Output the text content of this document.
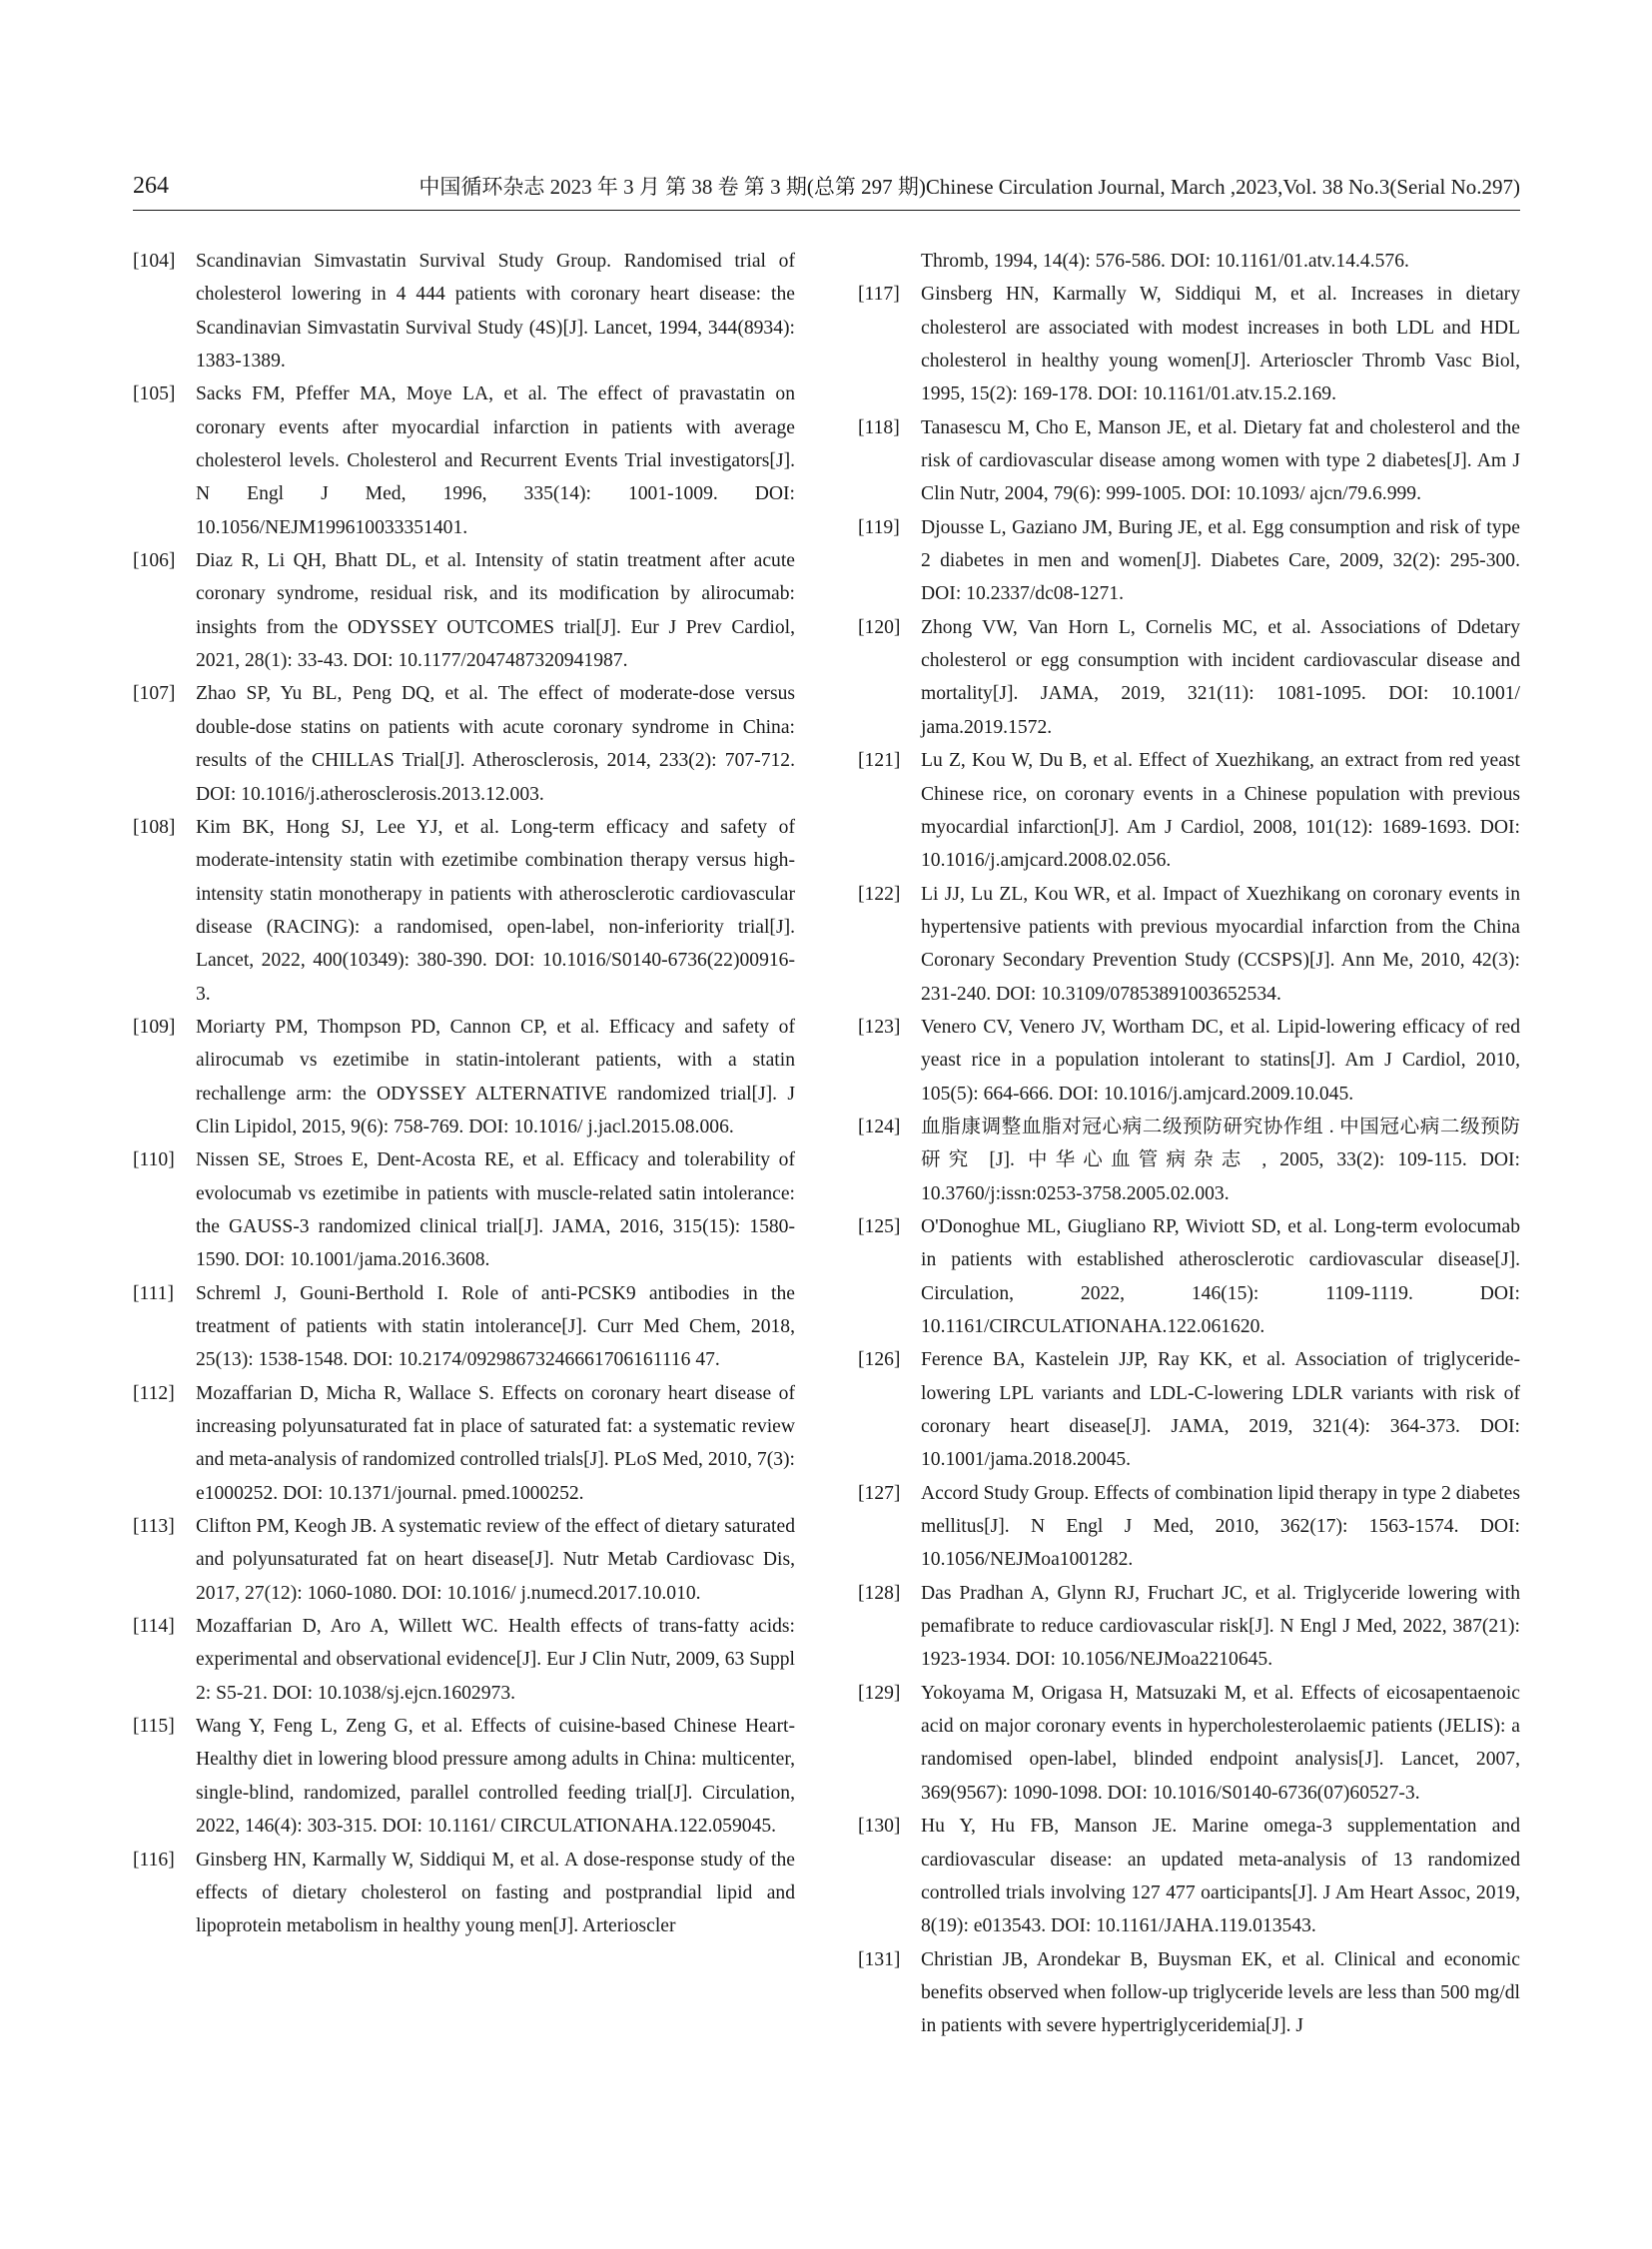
264	中国循环杂志 2023 年 3 月 第 38 卷 第 3 期(总第 297 期)Chinese Circulation Journal, March ,2023,Vol. 38 No.3(Serial No.297)

[104] Scandinavian Simvastatin Survival Study Group. Randomised trial of cholesterol lowering in 4 444 patients with coronary heart disease: the Scandinavian Simvastatin Survival Study (4S)[J]. Lancet, 1994, 344(8934): 1383-1389.

[105] Sacks FM, Pfeffer MA, Moye LA, et al. The effect of pravastatin on coronary events after myocardial infarction in patients with average cholesterol levels. Cholesterol and Recurrent Events Trial investigators[J]. N Engl J Med, 1996, 335(14): 1001-1009. DOI: 10.1056/NEJM199610033351401.

[106] Diaz R, Li QH, Bhatt DL, et al. Intensity of statin treatment after acute coronary syndrome, residual risk, and its modification by alirocumab: insights from the ODYSSEY OUTCOMES trial[J]. Eur J Prev Cardiol, 2021, 28(1): 33-43. DOI: 10.1177/2047487320941987.

[107] Zhao SP, Yu BL, Peng DQ, et al. The effect of moderate-dose versus double-dose statins on patients with acute coronary syndrome in China: results of the CHILLAS Trial[J]. Atherosclerosis, 2014, 233(2): 707-712. DOI: 10.1016/j.atherosclerosis.2013.12.003.

[108] Kim BK, Hong SJ, Lee YJ, et al. Long-term efficacy and safety of moderate-intensity statin with ezetimibe combination therapy versus high-intensity statin monotherapy in patients with atherosclerotic cardiovascular disease (RACING): a randomised, open-label, non-inferiority trial[J]. Lancet, 2022, 400(10349): 380-390. DOI: 10.1016/S0140-6736(22)00916-3.

[109] Moriarty PM, Thompson PD, Cannon CP, et al. Efficacy and safety of alirocumab vs ezetimibe in statin-intolerant patients, with a statin rechallenge arm: the ODYSSEY ALTERNATIVE randomized trial[J]. J Clin Lipidol, 2015, 9(6): 758-769. DOI: 10.1016/ j.jacl.2015.08.006.

[110] Nissen SE, Stroes E, Dent-Acosta RE, et al. Efficacy and tolerability of evolocumab vs ezetimibe in patients with muscle-related satin intolerance: the GAUSS-3 randomized clinical trial[J]. JAMA, 2016, 315(15): 1580-1590. DOI: 10.1001/jama.2016.3608.

[111] Schreml J, Gouni-Berthold I. Role of anti-PCSK9 antibodies in the treatment of patients with statin intolerance[J]. Curr Med Chem, 2018, 25(13): 1538-1548. DOI: 10.2174/09298673246661706161116 47.

[112] Mozaffarian D, Micha R, Wallace S. Effects on coronary heart disease of increasing polyunsaturated fat in place of saturated fat: a systematic review and meta-analysis of randomized controlled trials[J]. PLoS Med, 2010, 7(3): e1000252. DOI: 10.1371/journal. pmed.1000252.

[113] Clifton PM, Keogh JB. A systematic review of the effect of dietary saturated and polyunsaturated fat on heart disease[J]. Nutr Metab Cardiovasc Dis, 2017, 27(12): 1060-1080. DOI: 10.1016/ j.numecd.2017.10.010.

[114] Mozaffarian D, Aro A, Willett WC. Health effects of trans-fatty acids: experimental and observational evidence[J]. Eur J Clin Nutr, 2009, 63 Suppl 2: S5-21. DOI: 10.1038/sj.ejcn.1602973.

[115] Wang Y, Feng L, Zeng G, et al. Effects of cuisine-based Chinese Heart-Healthy diet in lowering blood pressure among adults in China: multicenter, single-blind, randomized, parallel controlled feeding trial[J]. Circulation, 2022, 146(4): 303-315. DOI: 10.1161/ CIRCULATIONAHA.122.059045.

[116] Ginsberg HN, Karmally W, Siddiqui M, et al. A dose-response study of the effects of dietary cholesterol on fasting and postprandial lipid and lipoprotein metabolism in healthy young men[J]. Arterioscler

Thromb, 1994, 14(4): 576-586. DOI: 10.1161/01.atv.14.4.576.

[117] Ginsberg HN, Karmally W, Siddiqui M, et al. Increases in dietary cholesterol are associated with modest increases in both LDL and HDL cholesterol in healthy young women[J]. Arterioscler Thromb Vasc Biol, 1995, 15(2): 169-178. DOI: 10.1161/01.atv.15.2.169.

[118] Tanasescu M, Cho E, Manson JE, et al. Dietary fat and cholesterol and the risk of cardiovascular disease among women with type 2 diabetes[J]. Am J Clin Nutr, 2004, 79(6): 999-1005. DOI: 10.1093/ ajcn/79.6.999.

[119] Djousse L, Gaziano JM, Buring JE, et al. Egg consumption and risk of type 2 diabetes in men and women[J]. Diabetes Care, 2009, 32(2): 295-300. DOI: 10.2337/dc08-1271.

[120] Zhong VW, Van Horn L, Cornelis MC, et al. Associations of Ddetary cholesterol or egg consumption with incident cardiovascular disease and mortality[J]. JAMA, 2019, 321(11): 1081-1095. DOI: 10.1001/ jama.2019.1572.

[121] Lu Z, Kou W, Du B, et al. Effect of Xuezhikang, an extract from red yeast Chinese rice, on coronary events in a Chinese population with previous myocardial infarction[J]. Am J Cardiol, 2008, 101(12): 1689-1693. DOI: 10.1016/j.amjcard.2008.02.056.

[122] Li JJ, Lu ZL, Kou WR, et al. Impact of Xuezhikang on coronary events in hypertensive patients with previous myocardial infarction from the China Coronary Secondary Prevention Study (CCSPS)[J]. Ann Me, 2010, 42(3): 231-240. DOI: 10.3109/07853891003652534.

[123] Venero CV, Venero JV, Wortham DC, et al. Lipid-lowering efficacy of red yeast rice in a population intolerant to statins[J]. Am J Cardiol, 2010, 105(5): 664-666. DOI: 10.1016/j.amjcard.2009.10.045.

[124] 血脂康调整血脂对冠心病二级预防研究协作组 . 中国冠心病二级预防研究 [J]. 中华心血管病杂志 , 2005, 33(2): 109-115. DOI: 10.3760/j:issn:0253-3758.2005.02.003.

[125] O'Donoghue ML, Giugliano RP, Wiviott SD, et al. Long-term evolocumab in patients with established atherosclerotic cardiovascular disease[J]. Circulation, 2022, 146(15): 1109-1119. DOI: 10.1161/CIRCULATIONAHA.122.061620.

[126] Ference BA, Kastelein JJP, Ray KK, et al. Association of triglyceride-lowering LPL variants and LDL-C-lowering LDLR variants with risk of coronary heart disease[J]. JAMA, 2019, 321(4): 364-373. DOI: 10.1001/jama.2018.20045.

[127] Accord Study Group. Effects of combination lipid therapy in type 2 diabetes mellitus[J]. N Engl J Med, 2010, 362(17): 1563-1574. DOI: 10.1056/NEJMoa1001282.

[128] Das Pradhan A, Glynn RJ, Fruchart JC, et al. Triglyceride lowering with pemafibrate to reduce cardiovascular risk[J]. N Engl J Med, 2022, 387(21): 1923-1934. DOI: 10.1056/NEJMoa2210645.

[129] Yokoyama M, Origasa H, Matsuzaki M, et al. Effects of eicosapentaenoic acid on major coronary events in hypercholesterolaemic patients (JELIS): a randomised open-label, blinded endpoint analysis[J]. Lancet, 2007, 369(9567): 1090-1098. DOI: 10.1016/S0140-6736(07)60527-3.

[130] Hu Y, Hu FB, Manson JE. Marine omega-3 supplementation and cardiovascular disease: an updated meta-analysis of 13 randomized controlled trials involving 127 477 oarticipants[J]. J Am Heart Assoc, 2019, 8(19): e013543. DOI: 10.1161/JAHA.119.013543.

[131] Christian JB, Arondekar B, Buysman EK, et al. Clinical and economic benefits observed when follow-up triglyceride levels are less than 500 mg/dl in patients with severe hypertriglyceridemia[J]. J
